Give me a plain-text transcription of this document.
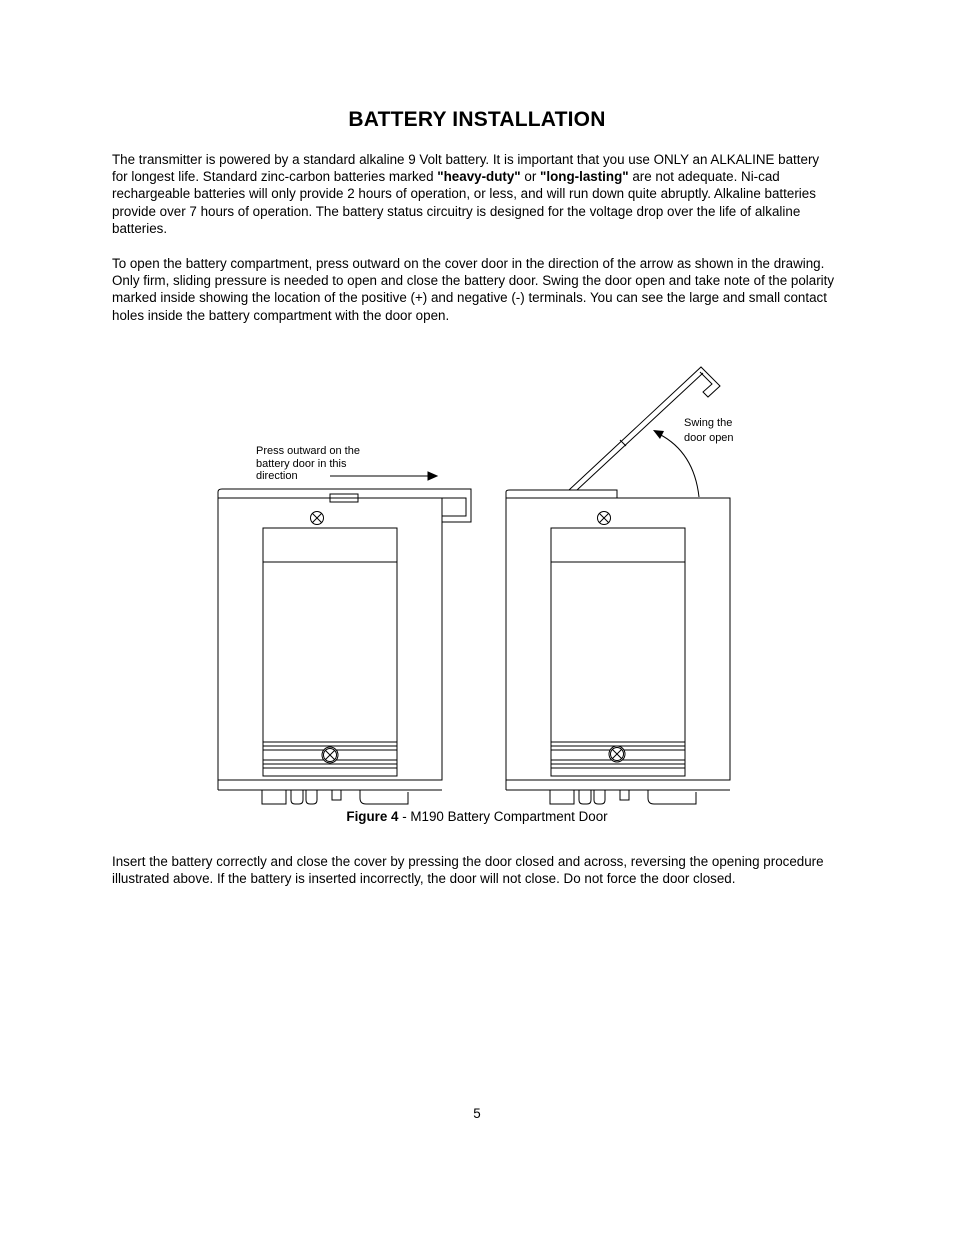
BATTERY INSTALLATION
The transmitter is powered by a standard alkaline 9 Volt battery. It is important that you use ONLY an ALKALINE battery for longest life. Standard zinc-carbon batteries marked "heavy-duty" or "long-lasting" are not adequate. Ni-cad rechargeable batteries will only provide 2 hours of operation, or less, and will run down quite abruptly. Alkaline batteries provide over 7 hours of operation. The battery status circuitry is designed for the voltage drop over the life of alkaline batteries.
To open the battery compartment, press outward on the cover door in the direction of the arrow as shown in the drawing. Only firm, sliding pressure is needed to open and close the battery door. Swing the door open and take note of the polarity marked inside showing the location of the positive (+) and negative (-) terminals. You can see the large and small contact holes inside the battery compartment with the door open.
Press outward on the
battery door in this
direction
Swing the
door open
Figure 4 - M190 Battery Compartment Door
Insert the battery correctly and close the cover by pressing the door closed and across, reversing the opening procedure illustrated above. If the battery is inserted incorrectly, the door will not close. Do not force the door closed.
5
